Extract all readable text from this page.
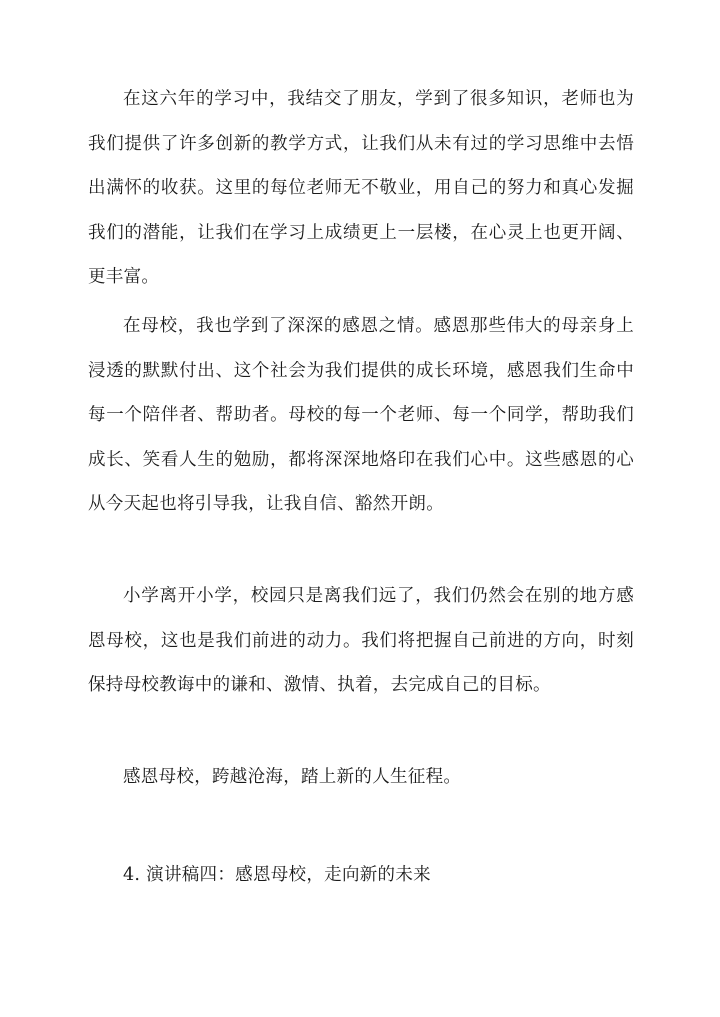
在这六年的学习中，我结交了朋友，学到了很多知识，老师也为我们提供了许多创新的教学方式，让我们从未有过的学习思维中去悟出满怀的收获。这里的每位老师无不敬业，用自己的努力和真心发掘我们的潜能，让我们在学习上成绩更上一层楼，在心灵上也更开阔、更丰富。

在母校，我也学到了深深的感恩之情。感恩那些伟大的母亲身上浸透的默默付出、这个社会为我们提供的成长环境，感恩我们生命中每一个陪伴者、帮助者。母校的每一个老师、每一个同学，帮助我们成长、笑看人生的勉励，都将深深地烙印在我们心中。这些感恩的心从今天起也将引导我，让我自信、豁然开朗。

小学离开小学，校园只是离我们远了，我们仍然会在别的地方感恩母校，这也是我们前进的动力。我们将把握自己前进的方向，时刻保持母校教诲中的谦和、激情、执着，去完成自己的目标。

感恩母校，跨越沧海，踏上新的人生征程。

4. 演讲稿四：感恩母校，走向新的未来
